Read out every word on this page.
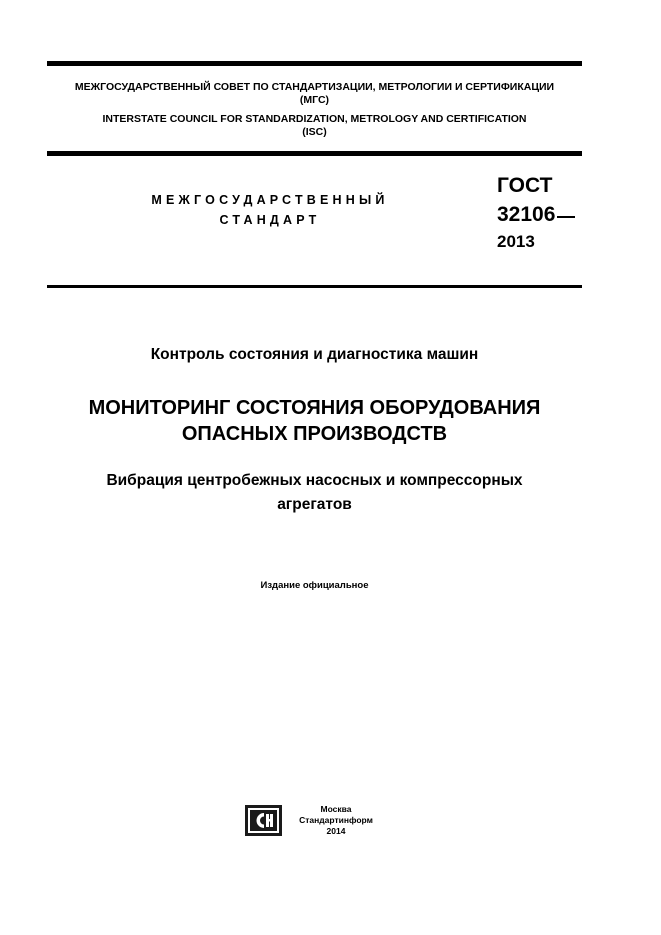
МЕЖГОСУДАРСТВЕННЫЙ СОВЕТ ПО СТАНДАРТИЗАЦИИ, МЕТРОЛОГИИ И СЕРТИФИКАЦИИ
(МГС)
INTERSTATE COUNCIL FOR STANDARDIZATION, METROLOGY AND CERTIFICATION
(ISC)
МЕЖГОСУДАРСТВЕННЫЙ
СТАНДАРТ
ГОСТ
32106
2013
Контроль состояния и диагностика машин
МОНИТОРИНГ СОСТОЯНИЯ ОБОРУДОВАНИЯ
ОПАСНЫХ ПРОИЗВОДСТВ
Вибрация центробежных насосных и компрессорных
агрегатов
Издание официальное
Москва
Стандартинформ
2014
